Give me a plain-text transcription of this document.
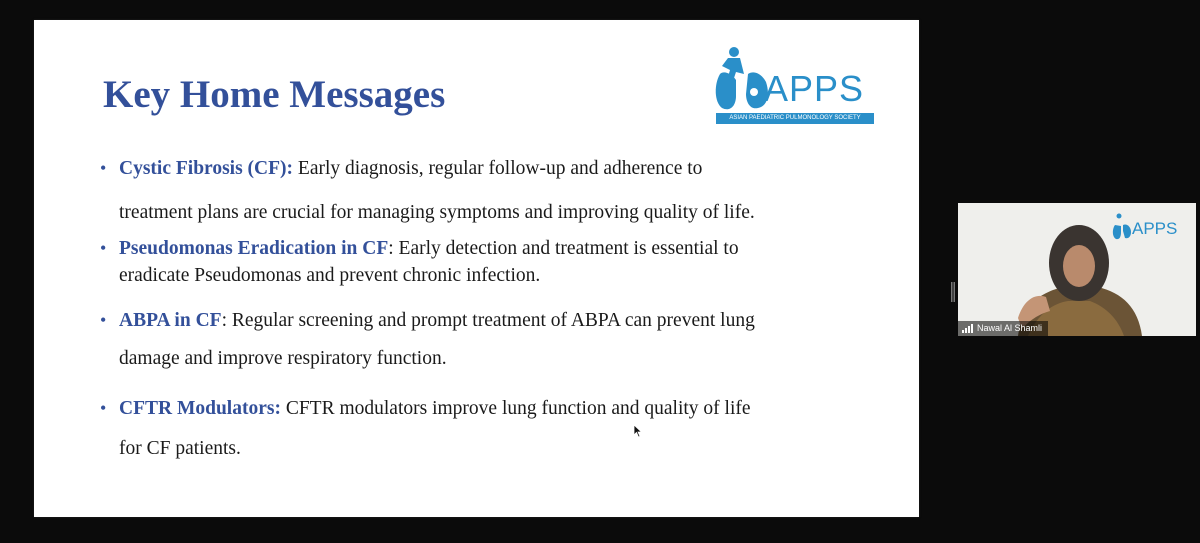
Key Home Messages	APPS
ASIAN PAEDIATRIC PULMONOLOGY SOCIETY
• Cystic Fibrosis (CF): Early diagnosis, regular follow-up and adherence to
treatment plans are crucial for managing symptoms and improving quality of life.
• Pseudomonas Eradication in CF: Early detection and treatment is essential to
eradicate Pseudomonas and prevent chronic infection.
• ABPA in CF: Regular screening and prompt treatment of ABPA can prevent lung
damage and improve respiratory function.
• CFTR Modulators: CFTR modulators improve lung function and quality of life
for CF patients.
APPS
Nawal Al Shamli
